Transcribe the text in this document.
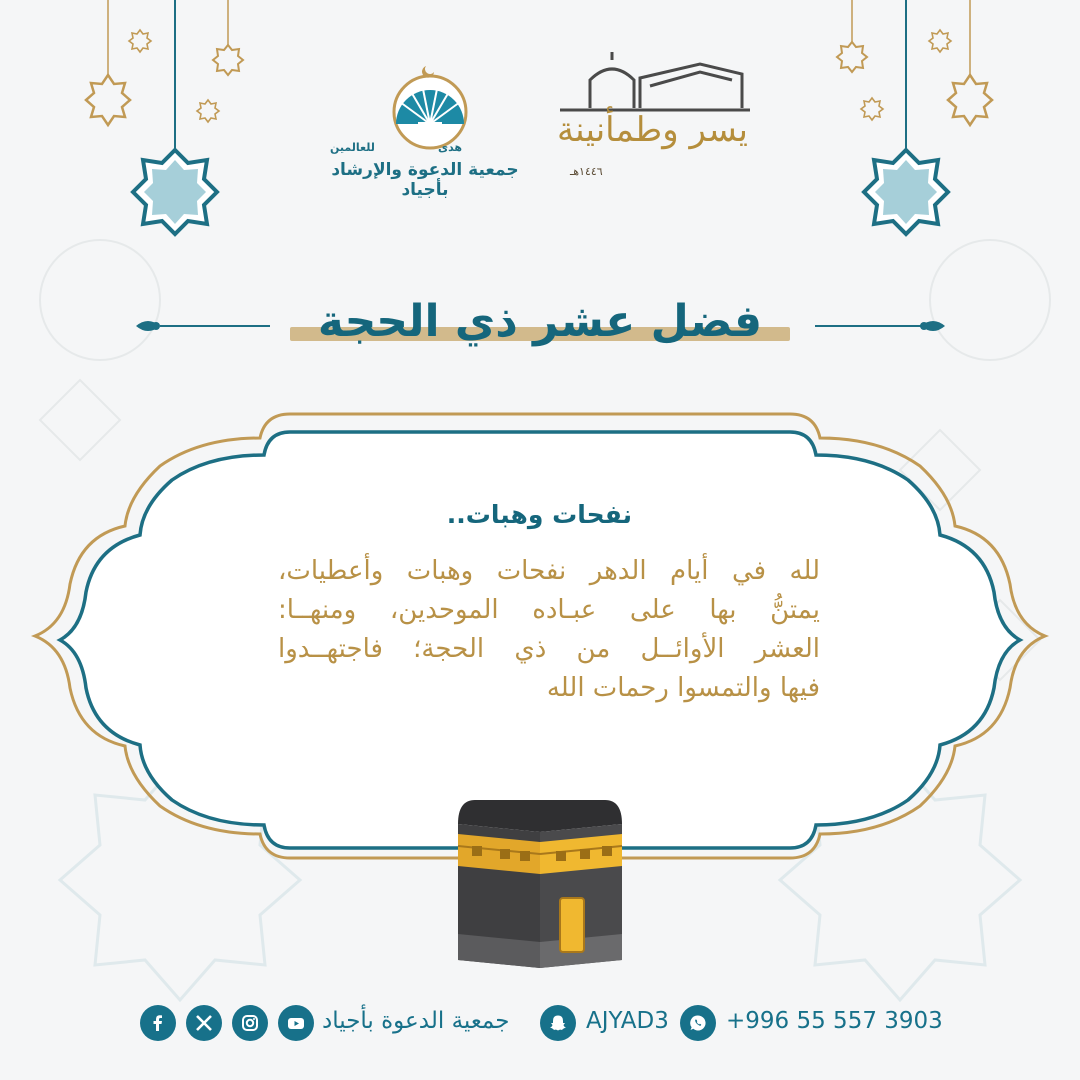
هدى
للعالمين
جمعية الدعوة والإرشاد بأجياد
يسر وطمأنينة
١٤٤٦هـ
فضل عشر ذي الحجة
نفحات وهبات..
لله في أيام الدهر نفحات وهبات وأعطيات،
يمتنُّ بها على عبـاده الموحدين، ومنهــا:
العشر الأوائــل من ذي الحجة؛ فاجتهــدوا
فيها والتمسوا رحمات الله
جمعية الدعوة بأجياد	AJYAD3 +996 55 557 3903
